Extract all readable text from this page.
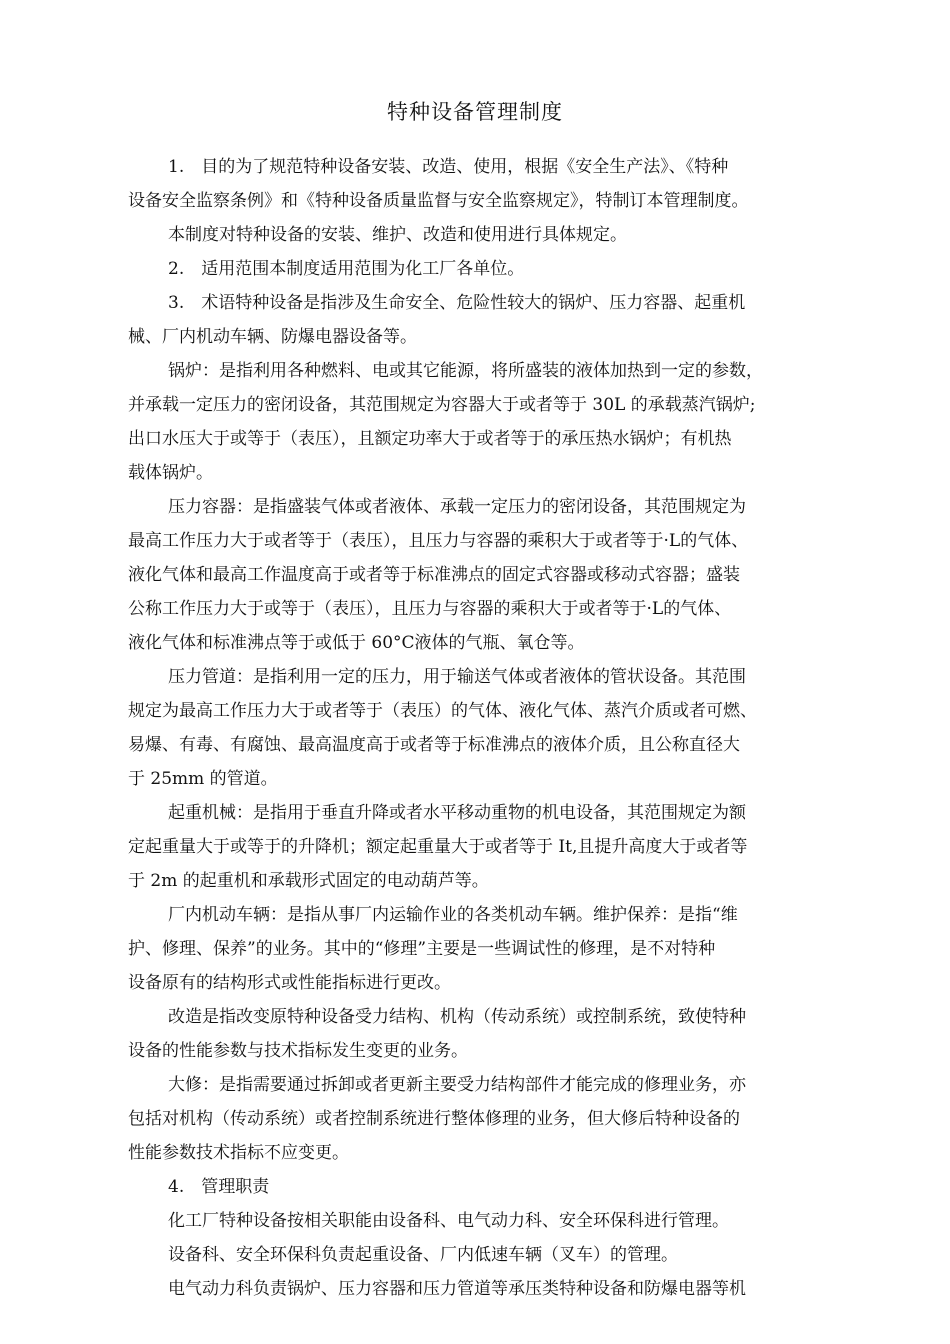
特种设备管理制度
1.　目的为了规范特种设备安装、改造、使用，根据《安全生产法》、《特种
设备安全监察条例》和《特种设备质量监督与安全监察规定》，特制订本管理制度。
本制度对特种设备的安装、维护、改造和使用进行具体规定。
2.　适用范围本制度适用范围为化工厂各单位。
3.　术语特种设备是指涉及生命安全、危险性较大的锅炉、压力容器、起重机
械、厂内机动车辆、防爆电器设备等。
锅炉：是指利用各种燃料、电或其它能源，将所盛装的液体加热到一定的参数，
并承载一定压力的密闭设备，其范围规定为容器大于或者等于 30L 的承载蒸汽锅炉;
出口水压大于或等于（表压），且额定功率大于或者等于的承压热水锅炉；有机热
载体锅炉。
压力容器：是指盛装气体或者液体、承载一定压力的密闭设备，其范围规定为
最高工作压力大于或者等于（表压），且压力与容器的乘积大于或者等于·L的气体、
液化气体和最高工作温度高于或者等于标准沸点的固定式容器或移动式容器；盛装
公称工作压力大于或等于（表压），且压力与容器的乘积大于或者等于·L的气体、
液化气体和标准沸点等于或低于 60°C液体的气瓶、氧仓等。
压力管道：是指利用一定的压力，用于输送气体或者液体的管状设备。其范围
规定为最高工作压力大于或者等于（表压）的气体、液化气体、蒸汽介质或者可燃、
易爆、有毒、有腐蚀、最高温度高于或者等于标准沸点的液体介质，且公称直径大
于 25mm 的管道。
起重机械：是指用于垂直升降或者水平移动重物的机电设备，其范围规定为额
定起重量大于或等于的升降机；额定起重量大于或者等于 It,且提升高度大于或者等
于 2m 的起重机和承载形式固定的电动葫芦等。
厂内机动车辆：是指从事厂内运输作业的各类机动车辆。维护保养：是指“维
护、修理、保养”的业务。其中的“修理”主要是一些调试性的修理，是不对特种
设备原有的结构形式或性能指标进行更改。
改造是指改变原特种设备受力结构、机构（传动系统）或控制系统，致使特种
设备的性能参数与技术指标发生变更的业务。
大修：是指需要通过拆卸或者更新主要受力结构部件才能完成的修理业务，亦
包括对机构（传动系统）或者控制系统进行整体修理的业务，但大修后特种设备的
性能参数技术指标不应变更。
4.　管理职责
化工厂特种设备按相关职能由设备科、电气动力科、安全环保科进行管理。
设备科、安全环保科负责起重设备、厂内低速车辆（叉车）的管理。
电气动力科负责锅炉、压力容器和压力管道等承压类特种设备和防爆电器等机
